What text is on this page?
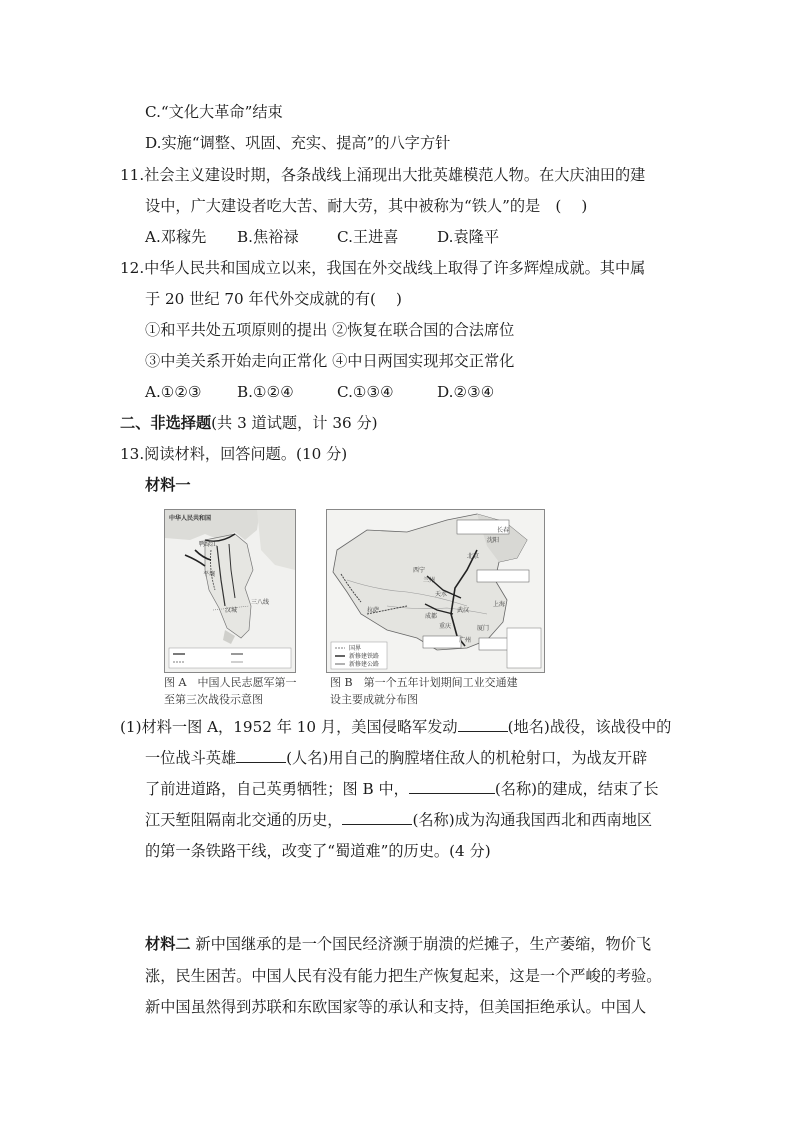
C.“文化大革命”结束
D.实施“调整、巩固、充实、提高”的八字方针
11.社会主义建设时期，各条战线上涌现出大批英雄模范人物。在大庆油田的建
设中，广大建设者吃大苦、耐大劳，其中被称为“铁人”的是　(　 )
A.邓稼先 B.焦裕禄	C.王进喜	D.袁隆平
12.中华人民共和国成立以来，我国在外交战线上取得了许多辉煌成就。其中属
于 20 世纪 70 年代外交成就的有(　 )
①和平共处五项原则的提出 ②恢复在联合国的合法席位
③中美关系开始走向正常化 ④中日两国实现邦交正常化
A.①②③ B.①②④	C.①③④	D.②③④
二、非选择题(共 3 道试题，计 36 分)
13.阅读材料，回答问题。(10 分)
材料一
中华人民共和国
鸭绿江
平壤
汉城
三八线
图 A　中国人民志愿军第一
至第三次战役示意图
国界
新修建铁路
新修建公路
北京
沈阳
长春
西宁
兰州
成都
武汉
拉萨
重庆
上海
广州
厦门
天水
图 B　第一个五年计划期间工业交通建
设主要成就分布图
(1)材料一图 A，1952 年 10 月，美国侵略军发动	(地名)战役，该战役中的
一位战斗英雄	(人名)用自己的胸膛堵住敌人的机枪射口，为战友开辟
了前进道路，自己英勇牺牲；图 B 中，	(名称)的建成，结束了长
江天堑阻隔南北交通的历史，	(名称)成为沟通我国西北和西南地区
的第一条铁路干线，改变了“蜀道难”的历史。(4 分)
材料二 新中国继承的是一个国民经济濒于崩溃的烂摊子，生产萎缩，物价飞
涨，民生困苦。中国人民有没有能力把生产恢复起来，这是一个严峻的考验。
新中国虽然得到苏联和东欧国家等的承认和支持，但美国拒绝承认。中国人
